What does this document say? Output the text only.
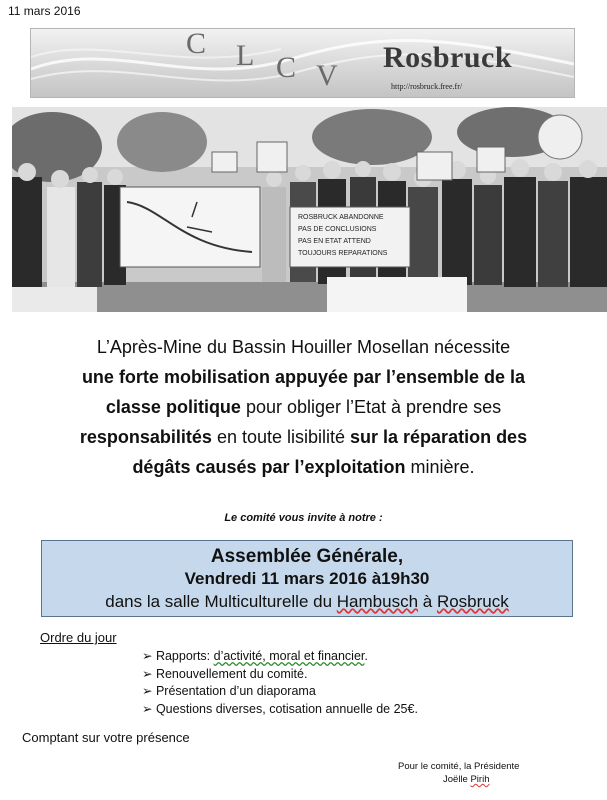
11 mars 2016
C L C V
Rosbruck
http://rosbruck.free.fr/
ROSBRUCK ABANDONNE
PAS DE CONCLUSIONS
PAS EN ETAT ATTEND
TOUJOURS REPARATIONS
L’Après-Mine du Bassin Houiller Mosellan nécessite
une forte mobilisation appuyée par l’ensemble de la
classe politique pour obliger l’Etat à prendre ses
responsabilités en toute lisibilité sur la réparation des
dégâts causés par l’exploitation minière.
Le comité vous invite à notre :
Assemblée Générale,
Vendredi 11 mars 2016 à19h30
dans la salle Multiculturelle du Hambusch à Rosbruck
Ordre du jour
➢ Rapports: d’activité, moral et financier.
➢ Renouvellement du comité.
➢ Présentation d’un diaporama
➢ Questions diverses, cotisation annuelle de 25€.
Comptant sur votre présence
Pour le comité, la Présidente
Joëlle Pirih
